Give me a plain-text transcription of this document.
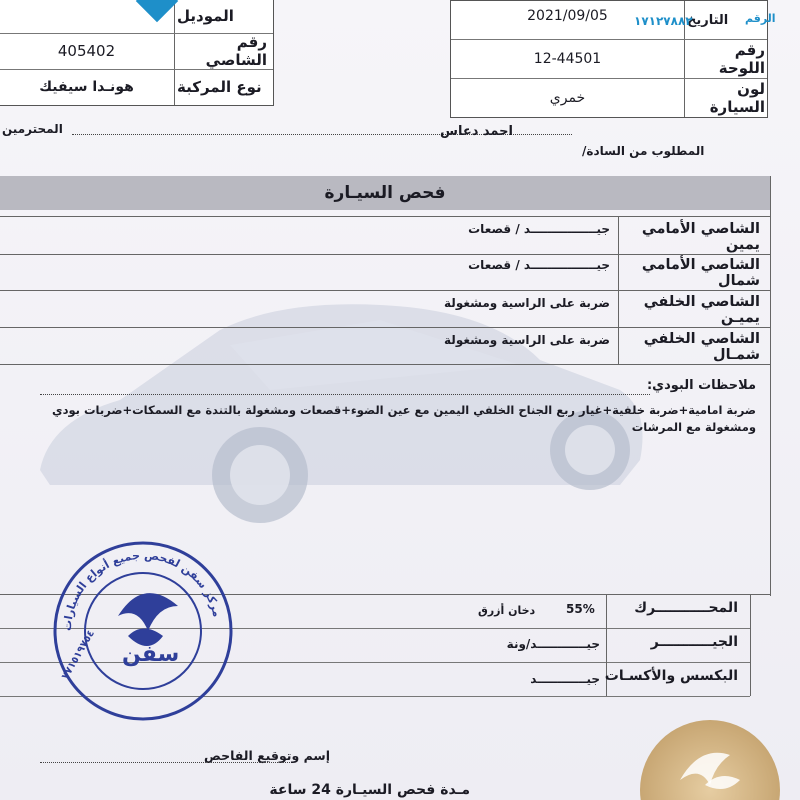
الموديل
رقم الشاصي
405402
نوع المركبة
هونـدا سيفيك
التاريخ
2021/09/05
رقم اللوحة
12-44501
لون السيارة
خمري
١٧١٢٧٨٨٢	الرقم
المحترمين	احمد دعاس
المطلوب من السادة/
فحص السيـارة
الشاصي الأمامي يمين
جيــــــــــــــــد / قصعات
الشاصي الأمامي شمال
جيــــــــــــــــد / قصعات
الشاصي الخلفي يميـن
ضربة على الراسية ومشغولة
الشاصي الخلفي شمـال
ضربة على الراسية ومشغولة
ملاحظات البودي:
ضربة امامية+ضربة خلفية+غيار ربع الجناح الخلفي اليمين مع عين الضوء+قصعات ومشغولة بالتندة مع السمكات+ضربات بودي ومشغولة مع المرشات
المحـــــــــــرك
55%
دخان أزرق
الجيـــــــــــر
جيــــــــــــد/ونة
البكسس والأكسـات
جيــــــــــــد
مركز سفن لفحص جميع أنواع السيارات
سفن
٧٧١٥١٩٧٥٤
إسم وتوقيع الفاحص
مـدة فحص السيـارة 24 ساعة
